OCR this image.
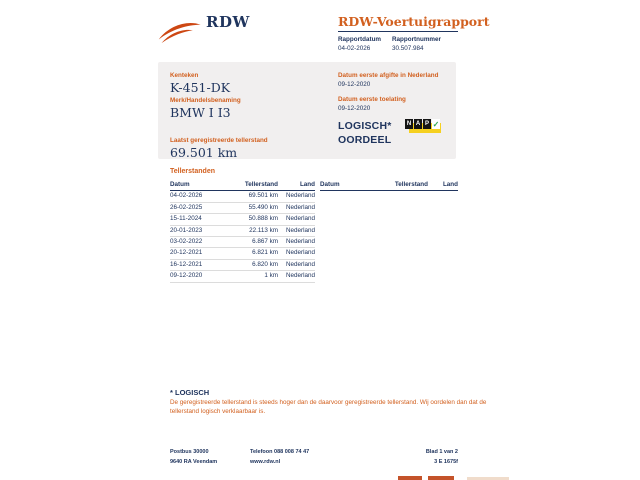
RDW	RDW-Voertuigrapport
Rapportdatum
04-02-2026
Rapportnummer
30.507.984
Kenteken
K-451-DK
Merk/Handelsbenaming
BMW I I3
Laatst geregistreerde tellerstand
69.501 km
Datum eerste afgifte in Nederland
09-12-2020
Datum eerste toelating
09-12-2020
LOGISCH*
OORDEEL
N A P ✓
Tellerstanden
Datum	Tellerstand	Land
04-02-2026	69.501 km	Nederland
26-02-2025	55.490 km	Nederland
15-11-2024	50.888 km	Nederland
20-01-2023	22.113 km	Nederland
03-02-2022	6.867 km	Nederland
20-12-2021	6.821 km	Nederland
16-12-2021	6.820 km	Nederland
09-12-2020	1 km	Nederland
Datum	Tellerstand	Land
* LOGISCH
De geregistreerde tellerstand is steeds hoger dan de daarvoor geregistreerde tellerstand. Wij oordelen dan dat de
tellerstand logisch verklaarbaar is.
Postbus 30000
9640 RA Veendam
Telefoon 088 008 74 47
www.rdw.nl
Blad 1 van 2
3 E 1675f
